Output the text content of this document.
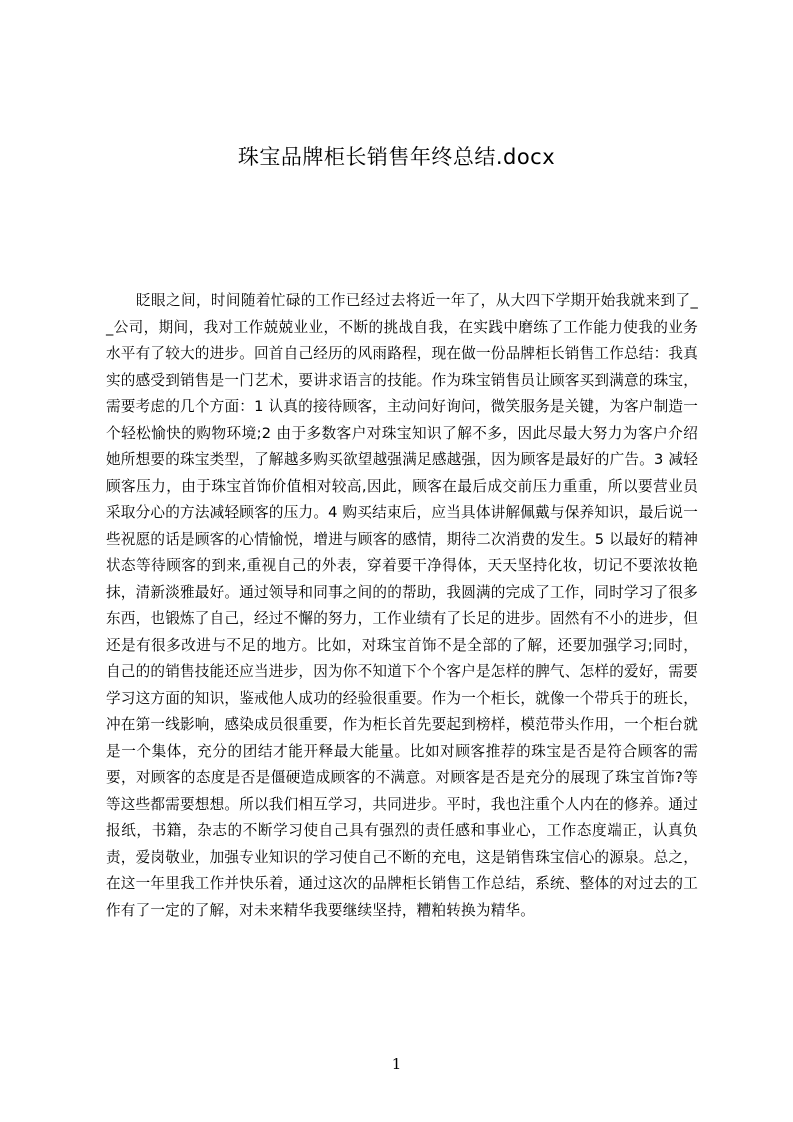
珠宝品牌柜长销售年终总结.docx

眨眼之间，时间随着忙碌的工作已经过去将近一年了，从大四下学期开始我就来到了__公司，期间，我对工作兢兢业业，不断的挑战自我，在实践中磨练了工作能力使我的业务水平有了较大的进步。回首自己经历的风雨路程，现在做一份品牌柜长销售工作总结：我真实的感受到销售是一门艺术，要讲求语言的技能。作为珠宝销售员让顾客买到满意的珠宝，需要考虑的几个方面：1 认真的接待顾客，主动问好询问，微笑服务是关键，为客户制造一个轻松愉快的购物环境;2 由于多数客户对珠宝知识了解不多，因此尽最大努力为客户介绍她所想要的珠宝类型，了解越多购买欲望越强满足感越强，因为顾客是最好的广告。3 减轻顾客压力，由于珠宝首饰价值相对较高,因此，顾客在最后成交前压力重重，所以要营业员采取分心的方法减轻顾客的压力。4 购买结束后，应当具体讲解佩戴与保养知识，最后说一些祝愿的话是顾客的心情愉悦，增进与顾客的感情，期待二次消费的发生。5 以最好的精神状态等待顾客的到来,重视自己的外表，穿着要干净得体，天天坚持化妆，切记不要浓妆艳抹，清新淡雅最好。通过领导和同事之间的的帮助，我圆满的完成了工作，同时学习了很多东西，也锻炼了自己，经过不懈的努力，工作业绩有了长足的进步。固然有不小的进步，但还是有很多改进与不足的地方。比如，对珠宝首饰不是全部的了解，还要加强学习;同时，自己的的销售技能还应当进步，因为你不知道下个个客户是怎样的脾气、怎样的爱好，需要学习这方面的知识，鉴戒他人成功的经验很重要。作为一个柜长，就像一个带兵于的班长，冲在第一线影响，感染成员很重要，作为柜长首先要起到榜样，模范带头作用，一个柜台就是一个集体，充分的团结才能开释最大能量。比如对顾客推荐的珠宝是否是符合顾客的需要，对顾客的态度是否是僵硬造成顾客的不满意。对顾客是否是充分的展现了珠宝首饰?等等这些都需要想想。所以我们相互学习，共同进步。平时，我也注重个人内在的修养。通过报纸，书籍，杂志的不断学习使自己具有强烈的责任感和事业心，工作态度端正，认真负责，爱岗敬业，加强专业知识的学习使自己不断的充电，这是销售珠宝信心的源泉。总之，在这一年里我工作并快乐着，通过这次的品牌柜长销售工作总结，系统、整体的对过去的工作有了一定的了解，对未来精华我要继续坚持，糟粕转换为精华。

1
